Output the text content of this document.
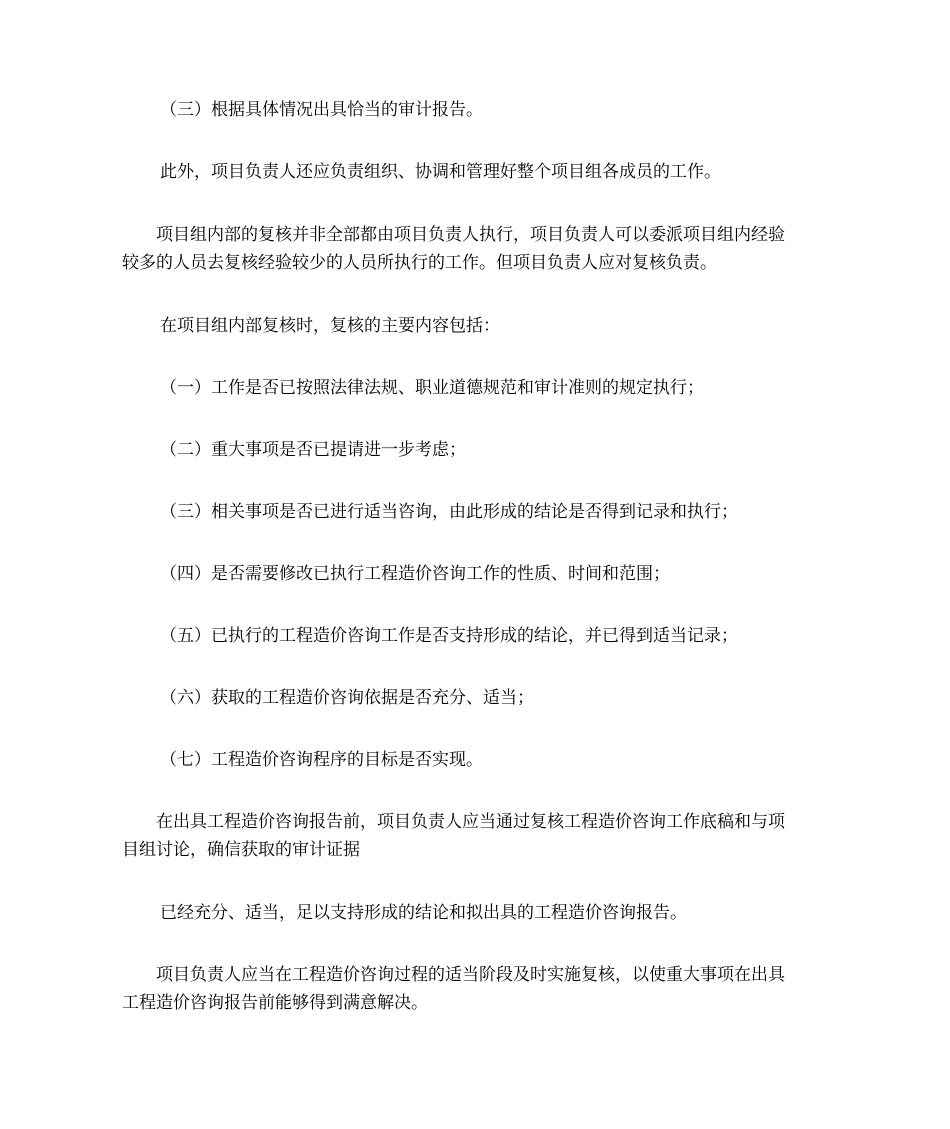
（三）根据具体情况出具恰当的审计报告。

此外，项目负责人还应负责组织、协调和管理好整个项目组各成员的工作。

项目组内部的复核并非全部都由项目负责人执行，项目负责人可以委派项目组内经验
较多的人员去复核经验较少的人员所执行的工作。但项目负责人应对复核负责。

在项目组内部复核时，复核的主要内容包括：

（一）工作是否已按照法律法规、职业道德规范和审计准则的规定执行；

（二）重大事项是否已提请进一步考虑；

（三）相关事项是否已进行适当咨询，由此形成的结论是否得到记录和执行；

（四）是否需要修改已执行工程造价咨询工作的性质、时间和范围；

（五）已执行的工程造价咨询工作是否支持形成的结论，并已得到适当记录；

（六）获取的工程造价咨询依据是否充分、适当；

（七）工程造价咨询程序的目标是否实现。

在出具工程造价咨询报告前，项目负责人应当通过复核工程造价咨询工作底稿和与项
目组讨论，确信获取的审计证据

已经充分、适当，足以支持形成的结论和拟出具的工程造价咨询报告。

项目负责人应当在工程造价咨询过程的适当阶段及时实施复核，以使重大事项在出具
工程造价咨询报告前能够得到满意解决。
